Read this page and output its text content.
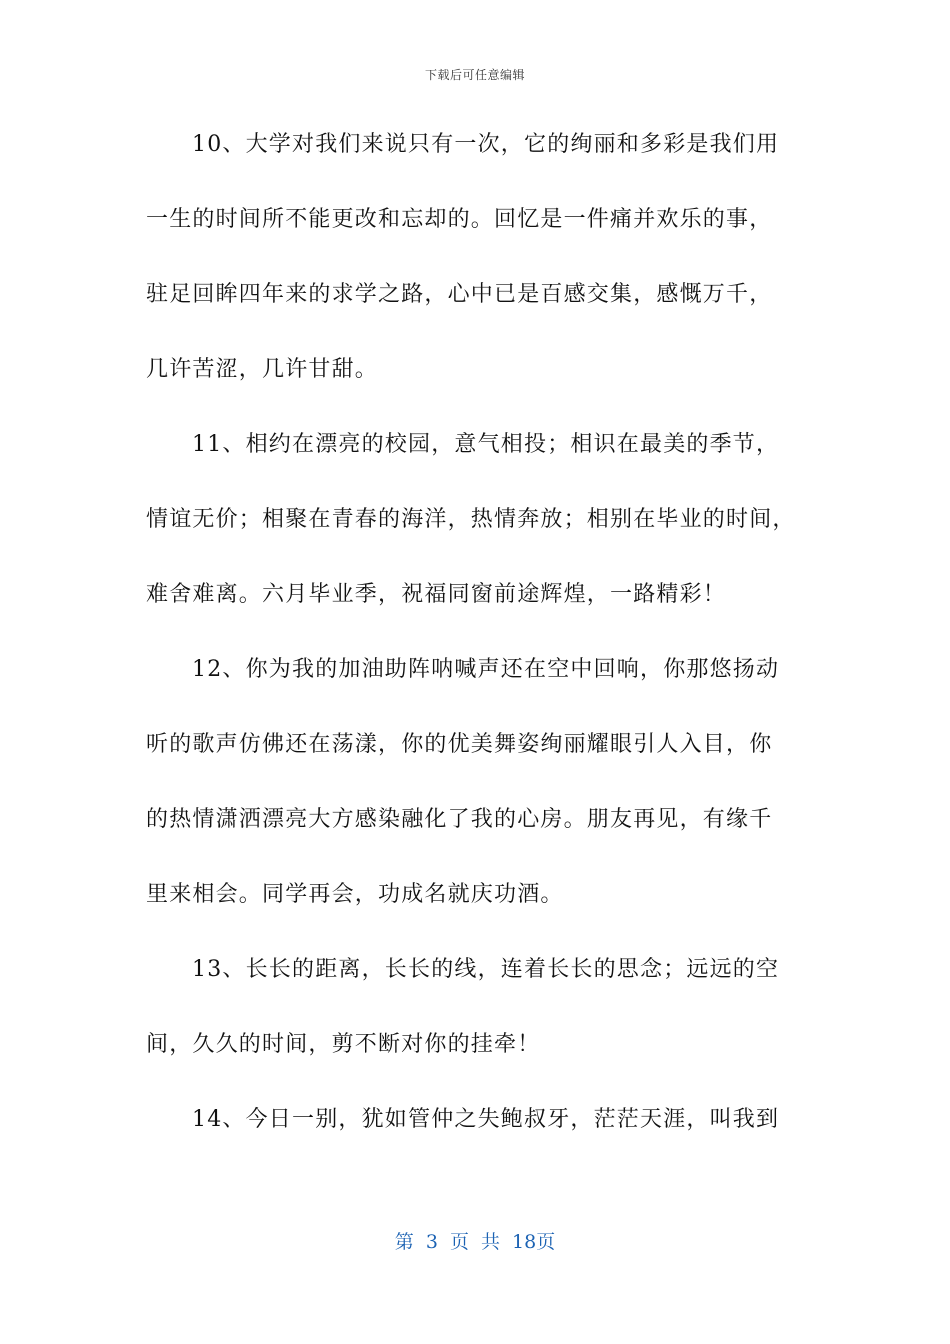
下载后可任意编辑
10、大学对我们来说只有一次，它的绚丽和多彩是我们用
一生的时间所不能更改和忘却的。回忆是一件痛并欢乐的事，
驻足回眸四年来的求学之路，心中已是百感交集，感慨万千，
几许苦涩，几许甘甜。
11、相约在漂亮的校园，意气相投；相识在最美的季节，
情谊无价；相聚在青春的海洋，热情奔放；相别在毕业的时间，
难舍难离。六月毕业季，祝福同窗前途辉煌，一路精彩！
12、你为我的加油助阵呐喊声还在空中回响，你那悠扬动
听的歌声仿佛还在荡漾，你的优美舞姿绚丽耀眼引人入目，你
的热情潇洒漂亮大方感染融化了我的心房。朋友再见，有缘千
里来相会。同学再会，功成名就庆功酒。
13、长长的距离，长长的线，连着长长的思念；远远的空
间，久久的时间，剪不断对你的挂牵！
14、今日一别，犹如管仲之失鲍叔牙，茫茫天涯，叫我到
第 3 页 共 18页
